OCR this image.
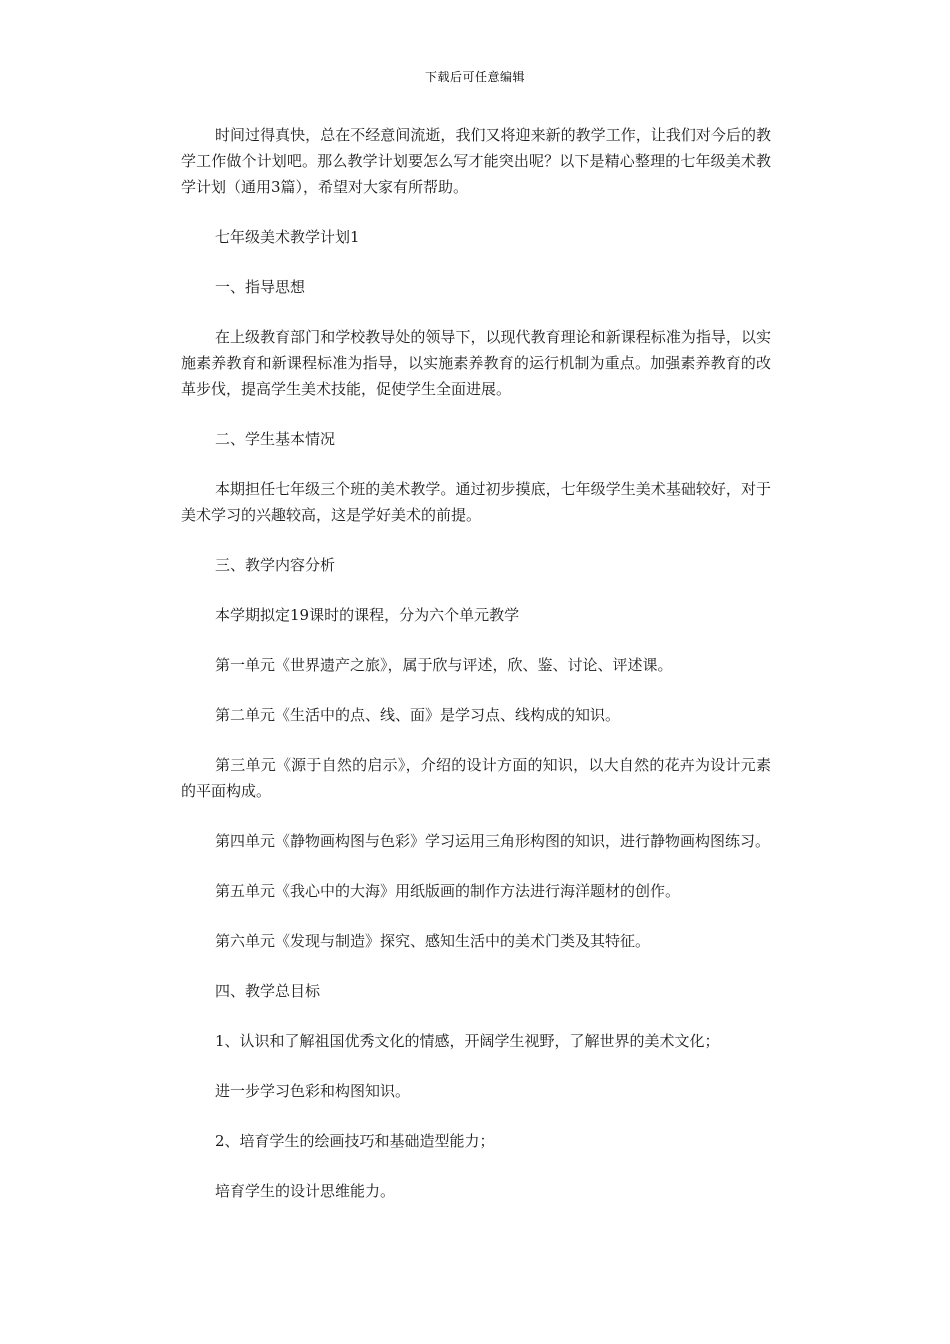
下载后可任意编辑

时间过得真快，总在不经意间流逝，我们又将迎来新的教学工作，让我们对今后的教学工作做个计划吧。那么教学计划要怎么写才能突出呢？以下是精心整理的七年级美术教学计划（通用3篇），希望对大家有所帮助。

七年级美术教学计划1

一、指导思想

在上级教育部门和学校教导处的领导下，以现代教育理论和新课程标准为指导，以实施素养教育和新课程标准为指导，以实施素养教育的运行机制为重点。加强素养教育的改革步伐，提高学生美术技能，促使学生全面进展。

二、学生基本情况

本期担任七年级三个班的美术教学。通过初步摸底，七年级学生美术基础较好，对于美术学习的兴趣较高，这是学好美术的前提。

三、教学内容分析

本学期拟定19课时的课程，分为六个单元教学

第一单元《世界遗产之旅》，属于欣与评述，欣、鉴、讨论、评述课。

第二单元《生活中的点、线、面》是学习点、线构成的知识。

第三单元《源于自然的启示》，介绍的设计方面的知识，以大自然的花卉为设计元素的平面构成。

第四单元《静物画构图与色彩》学习运用三角形构图的知识，进行静物画构图练习。

第五单元《我心中的大海》用纸版画的制作方法进行海洋题材的创作。

第六单元《发现与制造》探究、感知生活中的美术门类及其特征。

四、教学总目标

1、认识和了解祖国优秀文化的情感，开阔学生视野，了解世界的美术文化；

进一步学习色彩和构图知识。

2、培育学生的绘画技巧和基础造型能力；

培育学生的设计思维能力。
